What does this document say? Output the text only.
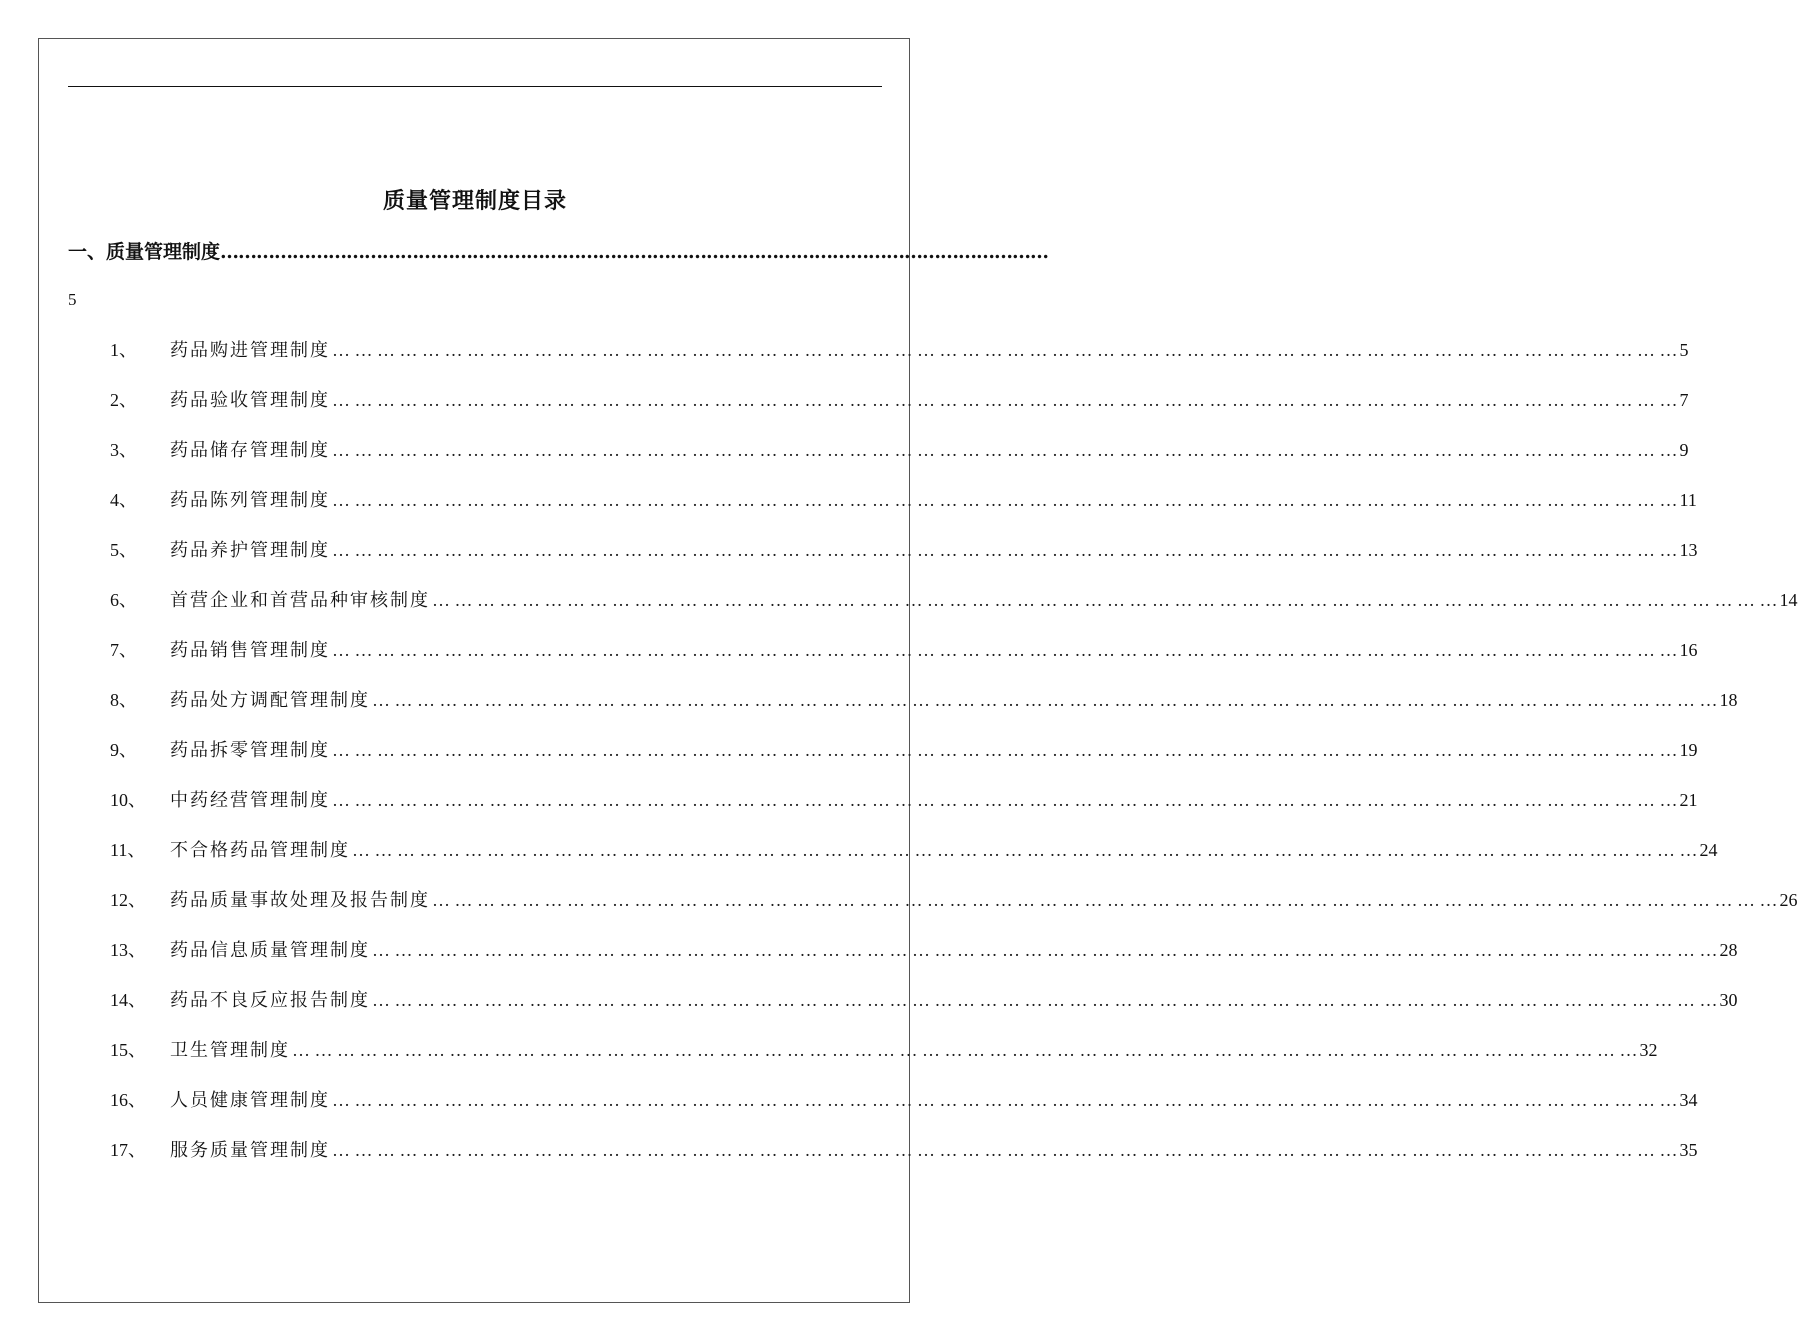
质量管理制度目录
一、质量管理制度 …………………………………………………………………………………………………………………………
5
1、	药品购进管理制度 … … … … … … … … … … … … … … … … … … … … … … … … … … … … … … … … … … … … … … … … … … … … … … … … … … … … … … … … … … … … 5
2、	药品验收管理制度 … … … … … … … … … … … … … … … … … … … … … … … … … … … … … … … … … … … … … … … … … … … … … … … … … … … … … … … … … … … … 7
3、	药品储存管理制度 … … … … … … … … … … … … … … … … … … … … … … … … … … … … … … … … … … … … … … … … … … … … … … … … … … … … … … … … … … … … 9
4、	药品陈列管理制度 … … … … … … … … … … … … … … … … … … … … … … … … … … … … … … … … … … … … … … … … … … … … … … … … … … … … … … … … … … … … 11
5、	药品养护管理制度 … … … … … … … … … … … … … … … … … … … … … … … … … … … … … … … … … … … … … … … … … … … … … … … … … … … … … … … … … … … … 13
6、	首营企业和首营品种审核制度 … … … … … … … … … … … … … … … … … … … … … … … … … … … … … … … … … … … … … … … … … … … … … … … … … … … … … … … … … … … … 14
7、	药品销售管理制度 … … … … … … … … … … … … … … … … … … … … … … … … … … … … … … … … … … … … … … … … … … … … … … … … … … … … … … … … … … … … 16
8、	药品处方调配管理制度 … … … … … … … … … … … … … … … … … … … … … … … … … … … … … … … … … … … … … … … … … … … … … … … … … … … … … … … … … … … … 18
9、	药品拆零管理制度 … … … … … … … … … … … … … … … … … … … … … … … … … … … … … … … … … … … … … … … … … … … … … … … … … … … … … … … … … … … … 19
10、	中药经营管理制度 … … … … … … … … … … … … … … … … … … … … … … … … … … … … … … … … … … … … … … … … … … … … … … … … … … … … … … … … … … … … 21
11、	不合格药品管理制度 … … … … … … … … … … … … … … … … … … … … … … … … … … … … … … … … … … … … … … … … … … … … … … … … … … … … … … … … … … … … 24
12、	药品质量事故处理及报告制度 … … … … … … … … … … … … … … … … … … … … … … … … … … … … … … … … … … … … … … … … … … … … … … … … … … … … … … … … … … … … 26
13、	药品信息质量管理制度 … … … … … … … … … … … … … … … … … … … … … … … … … … … … … … … … … … … … … … … … … … … … … … … … … … … … … … … … … … … … 28
14、	药品不良反应报告制度 … … … … … … … … … … … … … … … … … … … … … … … … … … … … … … … … … … … … … … … … … … … … … … … … … … … … … … … … … … … … 30
15、	卫生管理制度 … … … … … … … … … … … … … … … … … … … … … … … … … … … … … … … … … … … … … … … … … … … … … … … … … … … … … … … … … … … … 32
16、	人员健康管理制度 … … … … … … … … … … … … … … … … … … … … … … … … … … … … … … … … … … … … … … … … … … … … … … … … … … … … … … … … … … … … 34
17、	服务质量管理制度 … … … … … … … … … … … … … … … … … … … … … … … … … … … … … … … … … … … … … … … … … … … … … … … … … … … … … … … … … … … … 35
